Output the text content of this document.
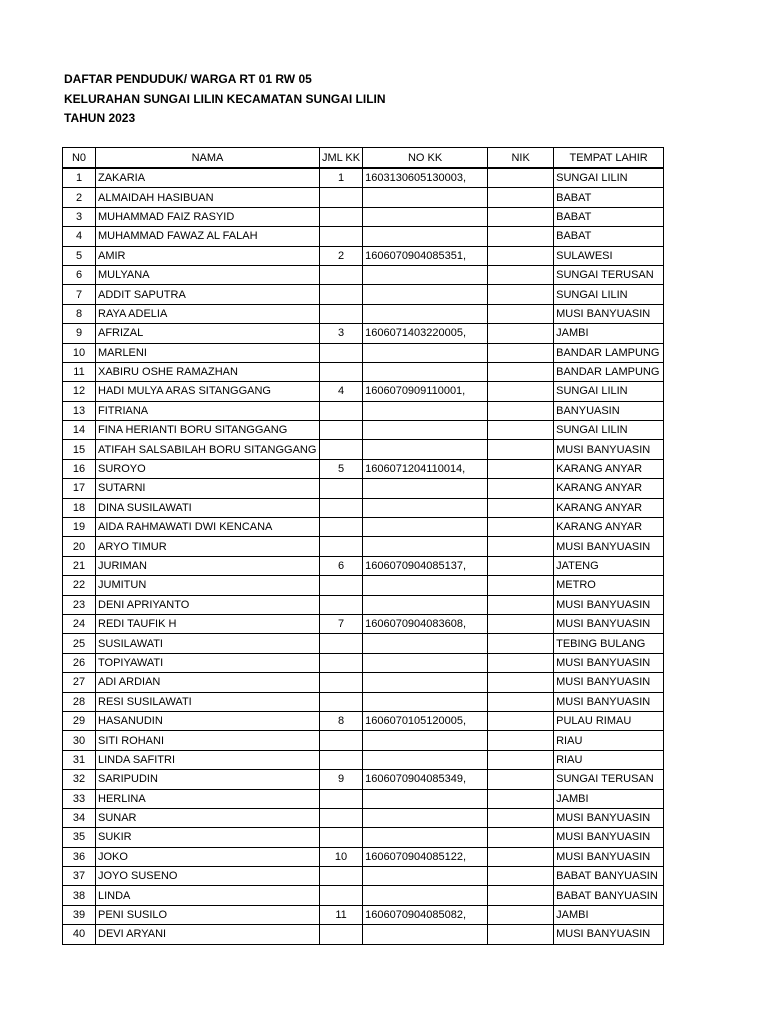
DAFTAR PENDUDUK/ WARGA RT 01 RW 05
KELURAHAN SUNGAI LILIN KECAMATAN SUNGAI LILIN
TAHUN 2023
N0	NAMA	JML KK	NO KK	NIK	TEMPAT LAHIR
1	ZAKARIA	1	1603130605130003,		SUNGAI LILIN
2	ALMAIDAH HASIBUAN				BABAT
3	MUHAMMAD FAIZ RASYID				BABAT
4	MUHAMMAD FAWAZ AL FALAH				BABAT
5	AMIR	2	1606070904085351,		SULAWESI
6	MULYANA				SUNGAI TERUSAN
7	ADDIT SAPUTRA				SUNGAI LILIN
8	RAYA ADELIA				MUSI BANYUASIN
9	AFRIZAL	3	1606071403220005,		JAMBI
10	MARLENI				BANDAR LAMPUNG
11	XABIRU OSHE RAMAZHAN				BANDAR LAMPUNG
12	HADI MULYA ARAS SITANGGANG	4	1606070909110001,		SUNGAI LILIN
13	FITRIANA				BANYUASIN
14	FINA HERIANTI BORU SITANGGANG				SUNGAI LILIN
15	ATIFAH SALSABILAH BORU SITANGGANG				MUSI BANYUASIN
16	SUROYO	5	1606071204110014,		KARANG ANYAR
17	SUTARNI				KARANG ANYAR
18	DINA SUSILAWATI				KARANG ANYAR
19	AIDA RAHMAWATI DWI KENCANA				KARANG ANYAR
20	ARYO TIMUR				MUSI BANYUASIN
21	JURIMAN	6	1606070904085137,		JATENG
22	JUMITUN				METRO
23	DENI APRIYANTO				MUSI BANYUASIN
24	REDI TAUFIK H	7	1606070904083608,		MUSI BANYUASIN
25	SUSILAWATI				TEBING BULANG
26	TOPIYAWATI				MUSI BANYUASIN
27	ADI ARDIAN				MUSI BANYUASIN
28	RESI SUSILAWATI				MUSI BANYUASIN
29	HASANUDIN	8	1606070105120005,		PULAU RIMAU
30	SITI ROHANI				RIAU
31	LINDA SAFITRI				RIAU
32	SARIPUDIN	9	1606070904085349,		SUNGAI TERUSAN
33	HERLINA				JAMBI
34	SUNAR				MUSI BANYUASIN
35	SUKIR				MUSI BANYUASIN
36	JOKO	10	1606070904085122,		MUSI BANYUASIN
37	JOYO SUSENO				BABAT BANYUASIN
38	LINDA				BABAT BANYUASIN
39	PENI SUSILO	11	1606070904085082,		JAMBI
40	DEVI ARYANI				MUSI BANYUASIN
